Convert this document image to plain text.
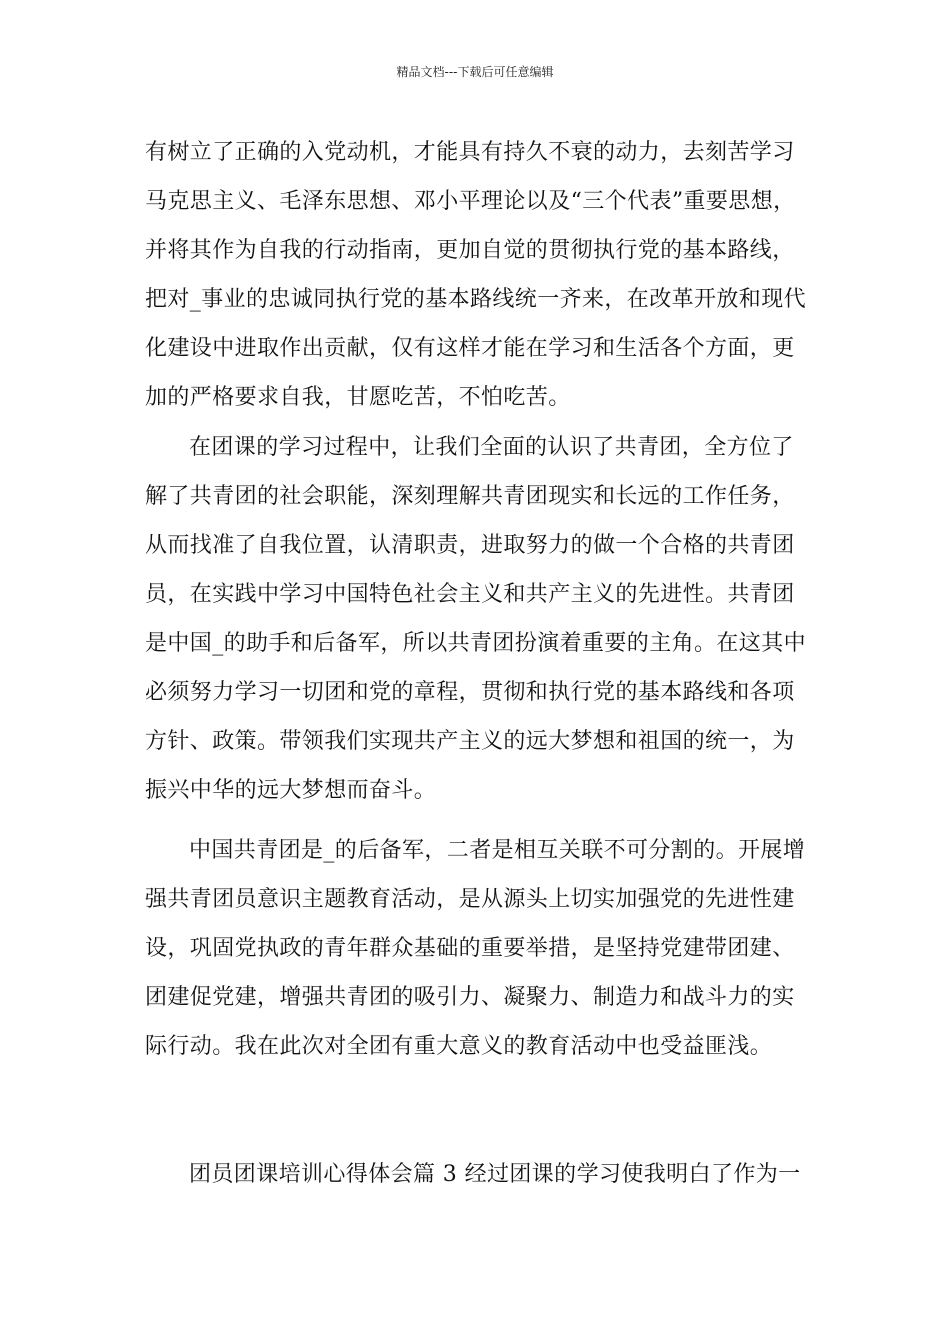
精品文档---下载后可任意编辑
有树立了正确的入党动机，才能具有持久不衰的动力，去刻苦学习
马克思主义、毛泽东思想、邓小平理论以及“三个代表”重要思想，
并将其作为自我的行动指南，更加自觉的贯彻执行党的基本路线，
把对_事业的忠诚同执行党的基本路线统一齐来，在改革开放和现代
化建设中进取作出贡献，仅有这样才能在学习和生活各个方面，更
加的严格要求自我，甘愿吃苦，不怕吃苦。
在团课的学习过程中，让我们全面的认识了共青团，全方位了
解了共青团的社会职能，深刻理解共青团现实和长远的工作任务，
从而找准了自我位置，认清职责，进取努力的做一个合格的共青团
员，在实践中学习中国特色社会主义和共产主义的先进性。共青团
是中国_的助手和后备军，所以共青团扮演着重要的主角。在这其中
必须努力学习一切团和党的章程，贯彻和执行党的基本路线和各项
方针、政策。带领我们实现共产主义的远大梦想和祖国的统一，为
振兴中华的远大梦想而奋斗。
中国共青团是_的后备军，二者是相互关联不可分割的。开展增
强共青团员意识主题教育活动，是从源头上切实加强党的先进性建
设，巩固党执政的青年群众基础的重要举措，是坚持党建带团建、
团建促党建，增强共青团的吸引力、凝聚力、制造力和战斗力的实
际行动。我在此次对全团有重大意义的教育活动中也受益匪浅。
团员团课培训心得体会篇 3 经过团课的学习使我明白了作为一
